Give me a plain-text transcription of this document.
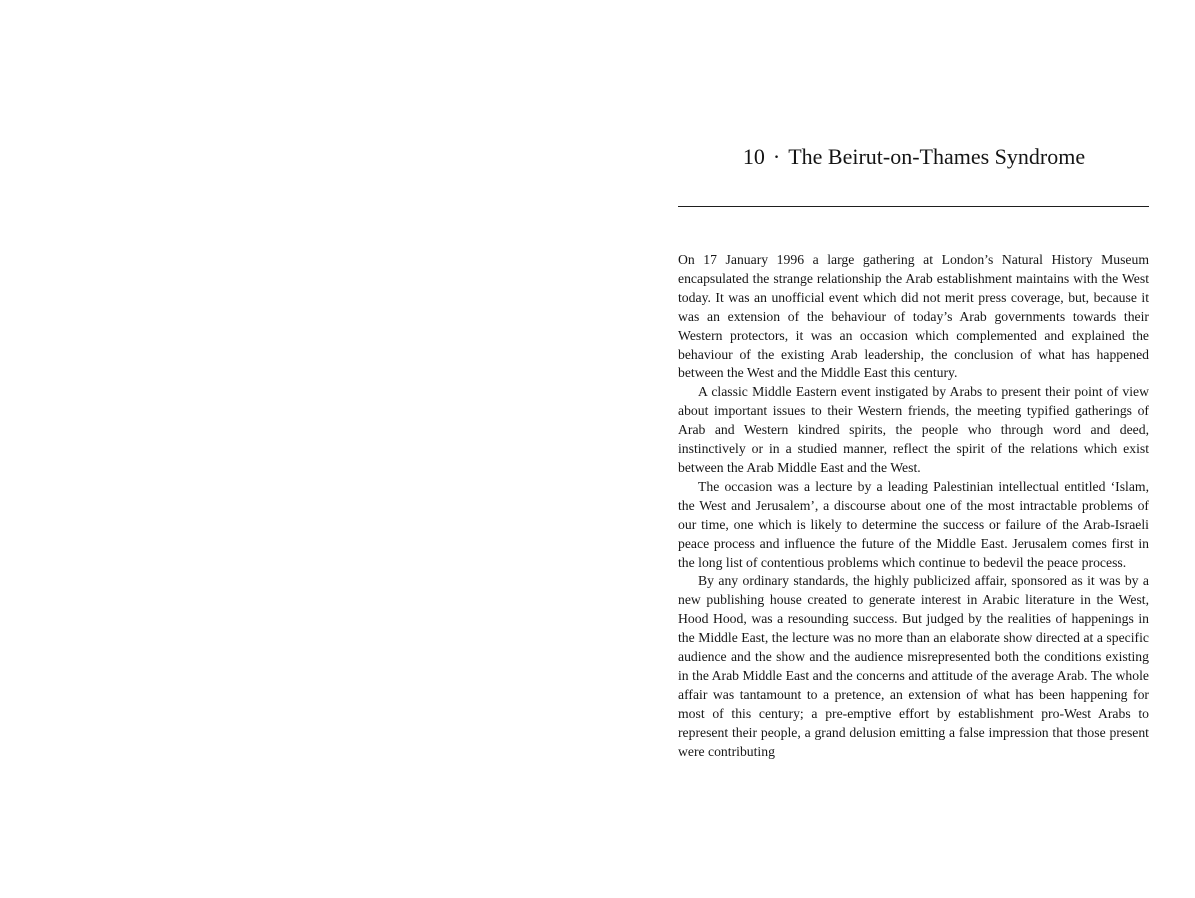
10 · The Beirut-on-Thames Syndrome

On 17 January 1996 a large gathering at London’s Natural History Museum encapsulated the strange relationship the Arab establishment maintains with the West today. It was an unofficial event which did not merit press coverage, but, because it was an extension of the behaviour of today’s Arab governments towards their Western protectors, it was an occasion which complemented and explained the behaviour of the existing Arab leadership, the conclusion of what has happened between the West and the Middle East this century.

A classic Middle Eastern event instigated by Arabs to present their point of view about important issues to their Western friends, the meeting typified gatherings of Arab and Western kindred spirits, the people who through word and deed, instinctively or in a studied manner, reflect the spirit of the relations which exist between the Arab Middle East and the West.

The occasion was a lecture by a leading Palestinian intellectual entitled ‘Islam, the West and Jerusalem’, a discourse about one of the most intractable problems of our time, one which is likely to determine the success or failure of the Arab-Israeli peace process and influence the future of the Middle East. Jerusalem comes first in the long list of contentious problems which continue to bedevil the peace process.

By any ordinary standards, the highly publicized affair, sponsored as it was by a new publishing house created to generate interest in Arabic literature in the West, Hood Hood, was a resounding success. But judged by the realities of happenings in the Middle East, the lecture was no more than an elaborate show directed at a specific audience and the show and the audience misrepresented both the conditions existing in the Arab Middle East and the concerns and attitude of the average Arab. The whole affair was tantamount to a pretence, an extension of what has been happening for most of this century; a pre-emptive effort by establishment pro-West Arabs to represent their people, a grand delusion emitting a false impression that those present were contributing
